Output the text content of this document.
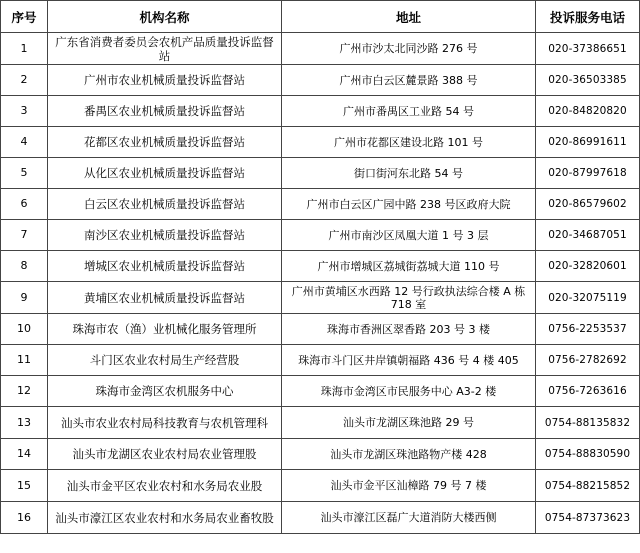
序号	机构名称	地址	投诉服务电话
1	广东省消费者委员会农机产品质量投诉监督站	广州市沙太北同沙路 276 号	020-37386651
2	广州市农业机械质量投诉监督站	广州市白云区麓景路 388 号	020-36503385
3	番禺区农业机械质量投诉监督站	广州市番禺区工业路 54 号	020-84820820
4	花都区农业机械质量投诉监督站	广州市花都区建设北路 101 号	020-86991611
5	从化区农业机械质量投诉监督站	街口街河东北路 54 号	020-87997618
6	白云区农业机械质量投诉监督站	广州市白云区广园中路 238 号区政府大院	020-86579602
7	南沙区农业机械质量投诉监督站	广州市南沙区凤凰大道 1 号 3 层	020-34687051
8	增城区农业机械质量投诉监督站	广州市增城区荔城街荔城大道 110 号	020-32820601
9	黄埔区农业机械质量投诉监督站	广州市黄埔区水西路 12 号行政执法综合楼 A 栋 718 室	020-32075119
10	珠海市农（渔）业机械化服务管理所	珠海市香洲区翠香路 203 号 3 楼	0756-2253537
11	斗门区农业农村局生产经营股	珠海市斗门区井岸镇朝福路 436 号 4 楼 405	0756-2782692
12	珠海市金湾区农机服务中心	珠海市金湾区市民服务中心 A3-2 楼	0756-7263616
13	汕头市农业农村局科技教育与农机管理科	汕头市龙湖区珠池路 29 号	0754-88135832
14	汕头市龙湖区农业农村局农业管理股	汕头市龙湖区珠池路物产楼 428	0754-88830590
15	汕头市金平区农业农村和水务局农业股	汕头市金平区汕樟路 79 号 7 楼	0754-88215852
16	汕头市濠江区农业农村和水务局农业畜牧股	汕头市濠江区磊广大道消防大楼西侧	0754-87373623
